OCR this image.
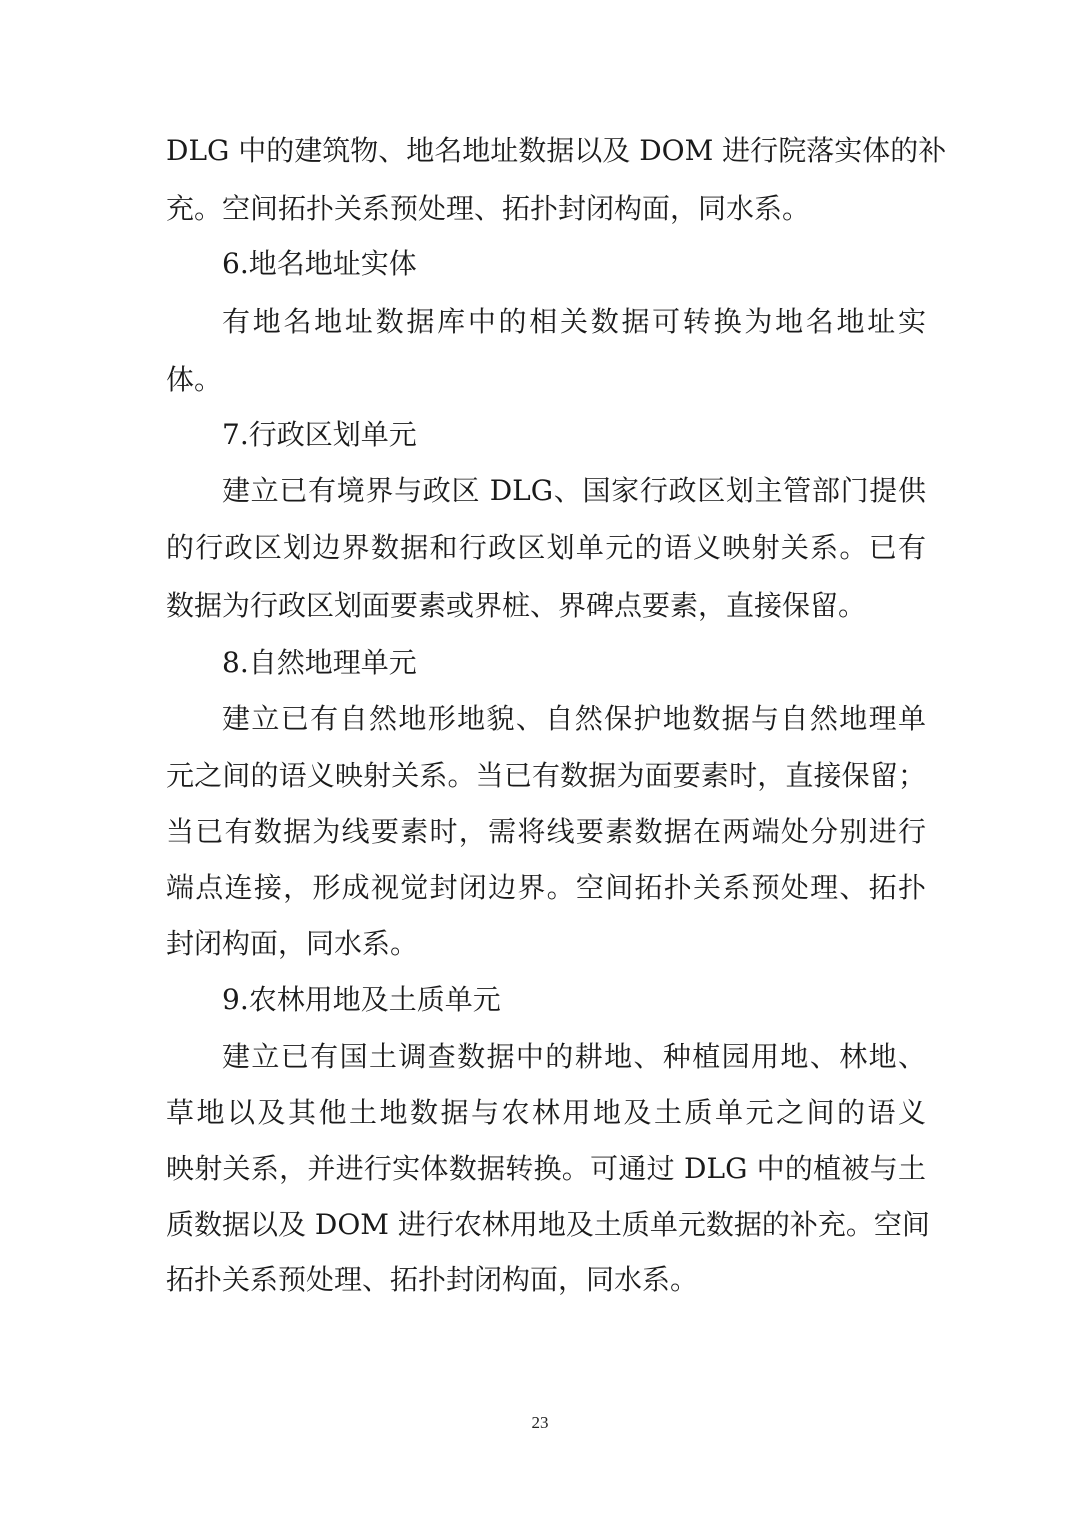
DLG 中的建筑物、地名地址数据以及 DOM 进行院落实体的补
充。空间拓扑关系预处理、拓扑封闭构面，同水系。
6.地名地址实体
有地名地址数据库中的相关数据可转换为地名地址实
体。
7.行政区划单元
建立已有境界与政区 DLG、国家行政区划主管部门提供
的行政区划边界数据和行政区划单元的语义映射关系。已有
数据为行政区划面要素或界桩、界碑点要素，直接保留。
8.自然地理单元
建立已有自然地形地貌、自然保护地数据与自然地理单
元之间的语义映射关系。当已有数据为面要素时，直接保留；
当已有数据为线要素时，需将线要素数据在两端处分别进行
端点连接，形成视觉封闭边界。空间拓扑关系预处理、拓扑
封闭构面，同水系。
9.农林用地及土质单元
建立已有国土调查数据中的耕地、种植园用地、林地、
草地以及其他土地数据与农林用地及土质单元之间的语义
映射关系，并进行实体数据转换。可通过 DLG 中的植被与土
质数据以及 DOM 进行农林用地及土质单元数据的补充。空间
拓扑关系预处理、拓扑封闭构面，同水系。
23
